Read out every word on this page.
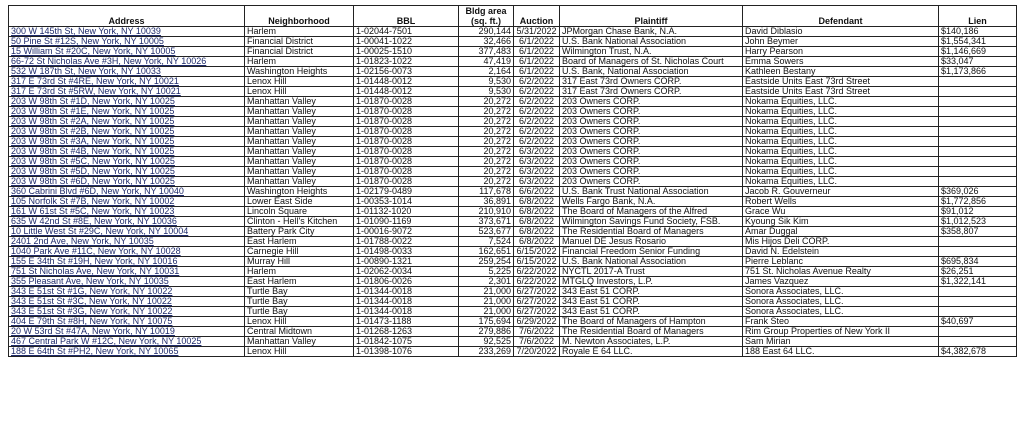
Address	Neighborhood	BBL	Bldg area (sq. ft.)	Auction	Plaintiff	Defendant	Lien
300 W 145th St, New York, NY 10039	Harlem	1-02044-7501	290,144	5/31/2022	JPMorgan Chase Bank, N.A.	David Diblasio	$140,186
50 Pine St #12S, New York, NY 10005	Financial District	1-00041-1022	32,466	6/1/2022	U.S. Bank National Association	John Beymer	$1,554,341
15 William St #20C, New York, NY 10005	Financial District	1-00025-1510	377,483	6/1/2022	Wilmington Trust, N.A.	Harry Pearson	$1,146,669
66-72 St Nicholas Ave #3H, New York, NY 10026	Harlem	1-01823-1022	47,419	6/1/2022	Board of Managers of St. Nicholas Court	Emma Sowers	$33,047
532 W 187th St, New York, NY 10033	Washington Heights	1-02156-0073	2,164	6/1/2022	U.S. Bank, National Association	Kathleen Bestany	$1,173,866
317 E 73rd St #4RE, New York, NY 10021	Lenox Hill	1-01448-0012	9,530	6/2/2022	317 East 73rd Owners CORP.	Eastside Units East 73rd Street	
317 E 73rd St #5RW, New York, NY 10021	Lenox Hill	1-01448-0012	9,530	6/2/2022	317 East 73rd Owners CORP.	Eastside Units East 73rd Street	
203 W 98th St #1D, New York, NY 10025	Manhattan Valley	1-01870-0028	20,272	6/2/2022	203 Owners CORP.	Nokama Equities, LLC.	
203 W 98th St #1E, New York, NY 10025	Manhattan Valley	1-01870-0028	20,272	6/2/2022	203 Owners CORP.	Nokama Equities, LLC.	
203 W 98th St #2A, New York, NY 10025	Manhattan Valley	1-01870-0028	20,272	6/2/2022	203 Owners CORP.	Nokama Equities, LLC.	
203 W 98th St #2B, New York, NY 10025	Manhattan Valley	1-01870-0028	20,272	6/2/2022	203 Owners CORP.	Nokama Equities, LLC.	
203 W 98th St #3A, New York, NY 10025	Manhattan Valley	1-01870-0028	20,272	6/2/2022	203 Owners CORP.	Nokama Equities, LLC.	
203 W 98th St #4B, New York, NY 10025	Manhattan Valley	1-01870-0028	20,272	6/3/2022	203 Owners CORP.	Nokama Equities, LLC.	
203 W 98th St #5C, New York, NY 10025	Manhattan Valley	1-01870-0028	20,272	6/3/2022	203 Owners CORP.	Nokama Equities, LLC.	
203 W 98th St #5D, New York, NY 10025	Manhattan Valley	1-01870-0028	20,272	6/3/2022	203 Owners CORP.	Nokama Equities, LLC.	
203 W 98th St #6D, New York, NY 10025	Manhattan Valley	1-01870-0028	20,272	6/3/2022	203 Owners CORP.	Nokama Equities, LLC.	
360 Cabrini Blvd #6D, New York, NY 10040	Washington Heights	1-02179-0489	117,678	6/6/2022	U.S. Bank Trust National Association	Jacob R. Gouverneur	$369,026
105 Norfolk St #7B, New York, NY 10002	Lower East Side	1-00353-1014	36,891	6/8/2022	Wells Fargo Bank, N.A.	Robert Wells	$1,772,856
161 W 61st St #5C, New York, NY 10023	Lincoln Square	1-01132-1020	210,910	6/8/2022	The Board of Managers of the Alfred	Grace Wu	$91,012
635 W 42nd St #8E, New York, NY 10036	Clinton - Hell's Kitchen	1-01090-1169	373,671	6/8/2022	Wilmington Savings Fund Society, FSB.	Kyoung Sik Kim	$1,012,523
10 Little West St #29C, New York, NY 10004	Battery Park City	1-00016-9072	523,677	6/8/2022	The Residential Board of Managers	Amar Duggal	$358,807
2401 2nd Ave, New York, NY 10035	East Harlem	1-01788-0022	7,524	6/8/2022	Manuel DE Jesus Rosario	Mis Hijos Deli CORP.	
1040 Park Ave #11C, New York, NY 10028	Carnegie Hill	1-01498-0033	162,651	6/15/2022	Financial Freedom Senior Funding	David N. Edelstein	
155 E 34th St #19H, New York, NY 10016	Murray Hill	1-00890-1321	259,254	6/15/2022	U.S. Bank National Association	Pierre Leblanc	$695,834
751 St Nicholas Ave, New York, NY 10031	Harlem	1-02062-0034	5,225	6/22/2022	NYCTL 2017-A Trust	751 St. Nicholas Avenue Realty	$26,251
355 Pleasant Ave, New York, NY 10035	East Harlem	1-01806-0026	2,301	6/22/2022	MTGLQ Investors, L.P.	James Vazquez	$1,322,141
343 E 51st St #1G, New York, NY 10022	Turtle Bay	1-01344-0018	21,000	6/27/2022	343 East 51 CORP.	Sonora Associates, LLC.	
343 E 51st St #3C, New York, NY 10022	Turtle Bay	1-01344-0018	21,000	6/27/2022	343 East 51 CORP.	Sonora Associates, LLC.	
343 E 51st St #3G, New York, NY 10022	Turtle Bay	1-01344-0018	21,000	6/27/2022	343 East 51 CORP.	Sonora Associates, LLC.	
404 E 79th St #8H, New York, NY 10075	Lenox Hill	1-01473-1188	175,694	6/29/2022	The Board of Managers of Hampton	Frank Steo	$40,697
20 W 53rd St #47A, New York, NY 10019	Central Midtown	1-01268-1263	279,886	7/6/2022	The Residential Board of Managers	Rim Group Properties of New York II	
467 Central Park W #12C, New York, NY 10025	Manhattan Valley	1-01842-1075	92,525	7/6/2022	M. Newton Associates, L.P.	Sam Mirian	
188 E 64th St #PH2, New York, NY 10065	Lenox Hill	1-01398-1076	233,269	7/20/2022	Royale E 64 LLC.	188 East 64 LLC.	$4,382,678
